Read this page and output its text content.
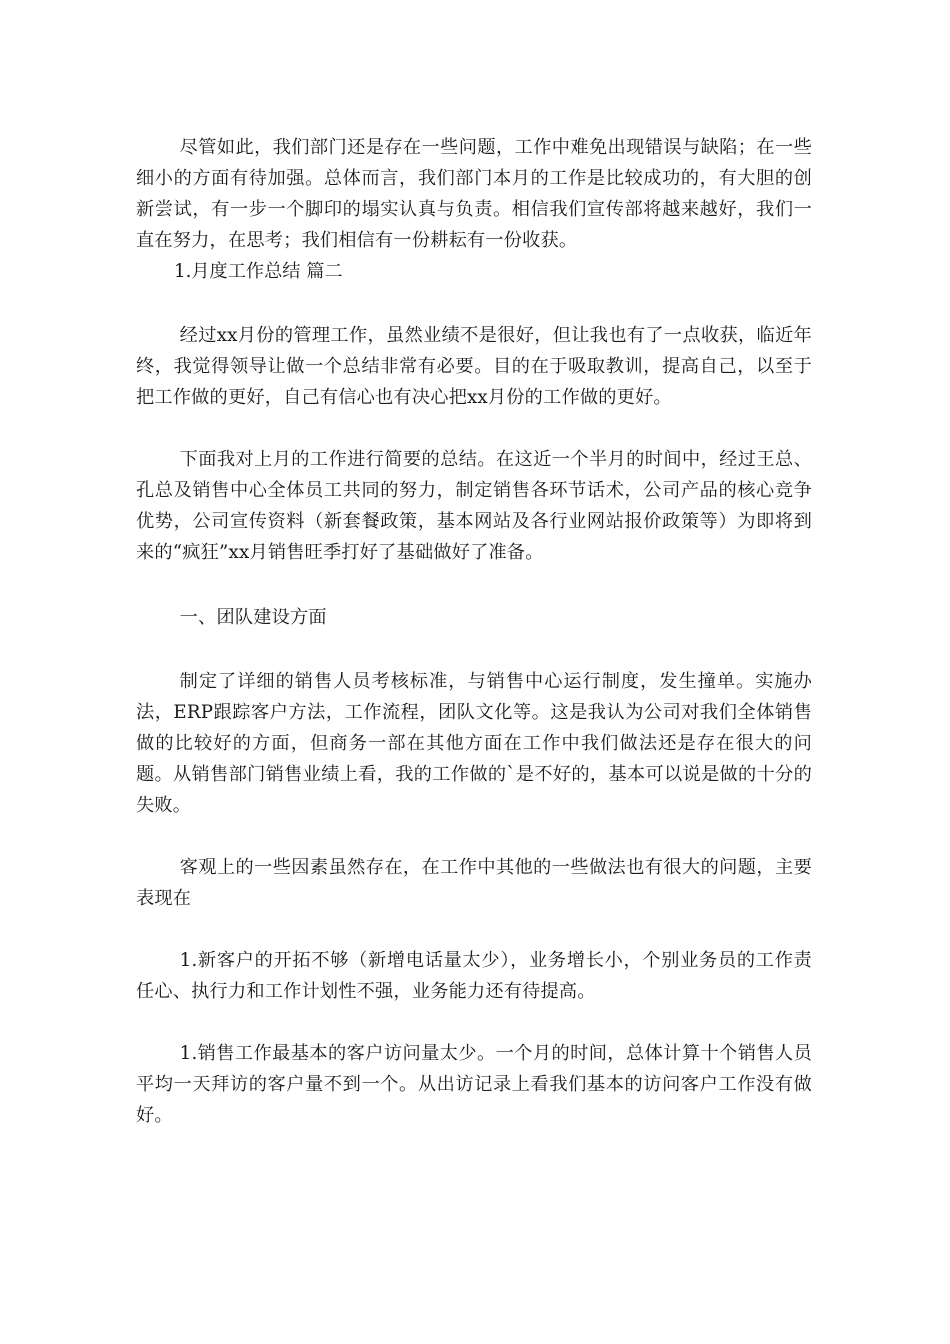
尽管如此，我们部门还是存在一些问题，工作中难免出现错误与缺陷；在一些细小的方面有待加强。总体而言，我们部门本月的工作是比较成功的，有大胆的创新尝试，有一步一个脚印的塌实认真与负责。相信我们宣传部将越来越好，我们一直在努力，在思考；我们相信有一份耕耘有一份收获。

1.月度工作总结 篇二

经过xx月份的管理工作，虽然业绩不是很好，但让我也有了一点收获，临近年终，我觉得领导让做一个总结非常有必要。目的在于吸取教训，提高自己，以至于把工作做的更好，自己有信心也有决心把xx月份的工作做的更好。

下面我对上月的工作进行简要的总结。在这近一个半月的时间中，经过王总、孔总及销售中心全体员工共同的努力，制定销售各环节话术，公司产品的核心竞争优势，公司宣传资料（新套餐政策，基本网站及各行业网站报价政策等）为即将到来的“疯狂”xx月销售旺季打好了基础做好了准备。

一、团队建设方面

制定了详细的销售人员考核标准，与销售中心运行制度，发生撞单。实施办法，ERP跟踪客户方法，工作流程，团队文化等。这是我认为公司对我们全体销售做的比较好的方面，但商务一部在其他方面在工作中我们做法还是存在很大的问题。从销售部门销售业绩上看，我的工作做的`是不好的，基本可以说是做的十分的失败。

客观上的一些因素虽然存在，在工作中其他的一些做法也有很大的问题，主要表现在

1.新客户的开拓不够（新增电话量太少），业务增长小，个别业务员的工作责任心、执行力和工作计划性不强，业务能力还有待提高。

1.销售工作最基本的客户访问量太少。一个月的时间，总体计算十个销售人员平均一天拜访的客户量不到一个。从出访记录上看我们基本的访问客户工作没有做好。
